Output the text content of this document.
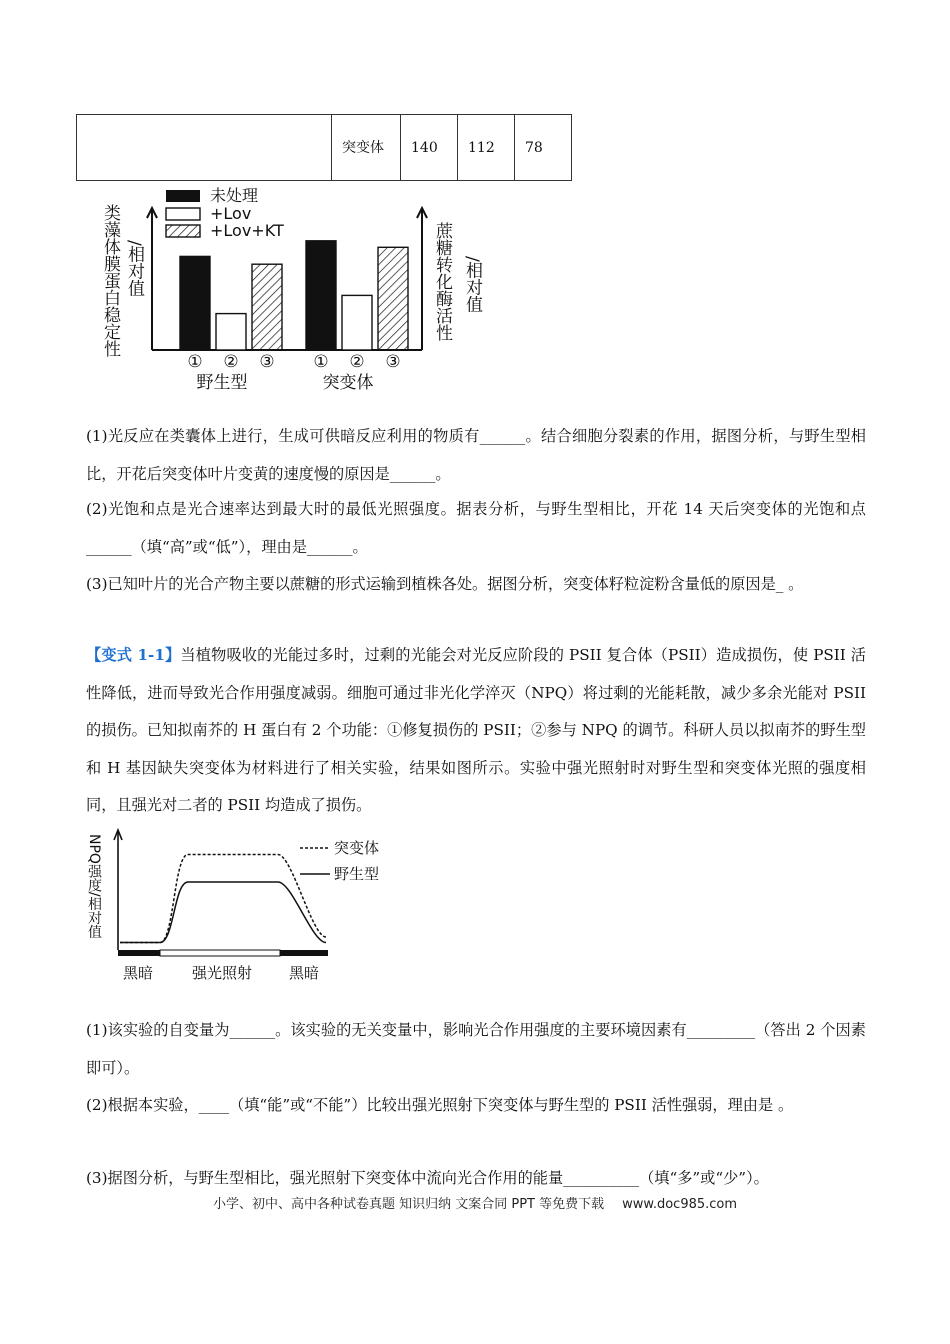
	突变体	140	112	78
未处理
+Lov
+Lov+KT
类藻体膜蛋白稳定性 /相对值	蔗糖转化酶活性 /相对值
① ② ③ ① ② ③
野生型	突变体

(1)光反应在类囊体上进行，生成可供暗反应利用的物质有______。结合细胞分裂素的作用，据图分析，与野生型相比，开花后突变体叶片变黄的速度慢的原因是______。

(2)光饱和点是光合速率达到最大时的最低光照强度。据表分析，与野生型相比，开花 14 天后突变体的光饱和点______（填“高”或“低”），理由是______。

(3)已知叶片的光合产物主要以蔗糖的形式运输到植株各处。据图分析，突变体籽粒淀粉含量低的原因是_ 。

【变式 1-1】当植物吸收的光能过多时，过剩的光能会对光反应阶段的 PSII 复合体（PSII）造成损伤，使 PSII 活性降低，进而导致光合作用强度减弱。细胞可通过非光化学淬灭（NPQ）将过剩的光能耗散，减少多余光能对 PSII 的损伤。已知拟南芥的 H 蛋白有 2 个功能：①修复损伤的 PSII；②参与 NPQ 的调节。科研人员以拟南芥的野生型和 H 基因缺失突变体为材料进行了相关实验，结果如图所示。实验中强光照射时对野生型和突变体光照的强度相同，且强光对二者的 PSII 均造成了损伤。

NPQ强度/相对值	突变体
野生型
黑暗	强光照射 黑暗

(1)该实验的自变量为______。该实验的无关变量中，影响光合作用强度的主要环境因素有_________（答出 2 个因素即可）。

(2)根据本实验，____（填“能”或“不能”）比较出强光照射下突变体与野生型的 PSII 活性强弱，理由是 。

(3)据图分析，与野生型相比，强光照射下突变体中流向光合作用的能量__________（填“多”或“少”）。

小学、初中、高中各种试卷真题 知识归纳 文案合同 PPT 等免费下载 www.doc985.com
